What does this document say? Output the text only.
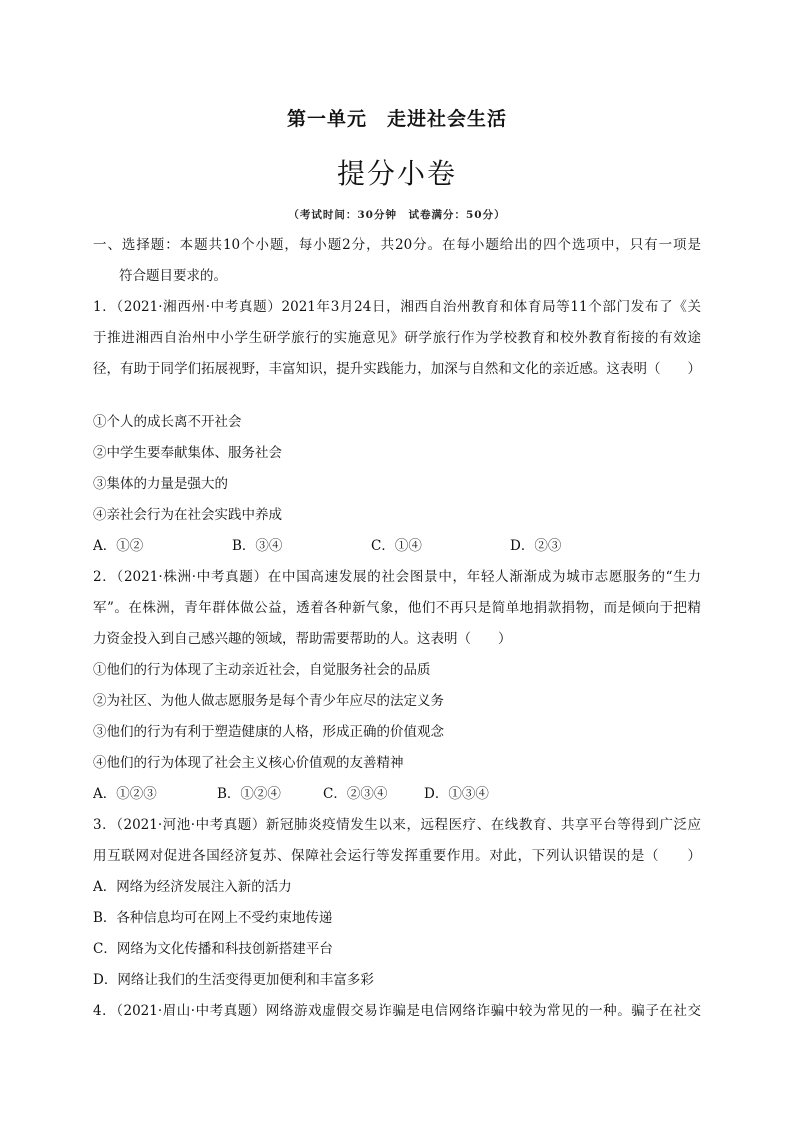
第一单元　走进社会生活
提分小卷
（考试时间：30分钟　试卷满分：50分）
一、选择题：本题共10个小题，每小题2分，共20分。在每小题给出的四个选项中，只有一项是
符合题目要求的。
1．（2021·湘西州·中考真题）2021年3月24日，湘西自治州教育和体育局等11个部门发布了《关
于推进湘西自治州中小学生研学旅行的实施意见》研学旅行作为学校教育和校外教育衔接的有效途
径，有助于同学们拓展视野，丰富知识，提升实践能力，加深与自然和文化的亲近感。这表明（　　）
①个人的成长离不开社会
②中学生要奉献集体、服务社会
③集体的力量是强大的
④亲社会行为在社会实践中养成
A．①②	B．③④	C．①④	D．②③
2．（2021·株洲·中考真题）在中国高速发展的社会图景中，年轻人渐渐成为城市志愿服务的“生力
军”。在株洲，青年群体做公益，透着各种新气象，他们不再只是简单地捐款捐物，而是倾向于把精
力资金投入到自己感兴趣的领域，帮助需要帮助的人。这表明（　　）
①他们的行为体现了主动亲近社会，自觉服务社会的品质
②为社区、为他人做志愿服务是每个青少年应尽的法定义务
③他们的行为有利于塑造健康的人格，形成正确的价值观念
④他们的行为体现了社会主义核心价值观的友善精神
A．①②③	B．①②④	C．②③④	D．①③④
3．（2021·河池·中考真题）新冠肺炎疫情发生以来，远程医疗、在线教育、共享平台等得到广泛应
用互联网对促进各国经济复苏、保障社会运行等发挥重要作用。对此，下列认识错误的是（　　）
A．网络为经济发展注入新的活力
B．各种信息均可在网上不受约束地传递
C．网络为文化传播和科技创新搭建平台
D．网络让我们的生活变得更加便利和丰富多彩
4．（2021·眉山·中考真题）网络游戏虚假交易诈骗是电信网络诈骗中较为常见的一种。骗子在社交
